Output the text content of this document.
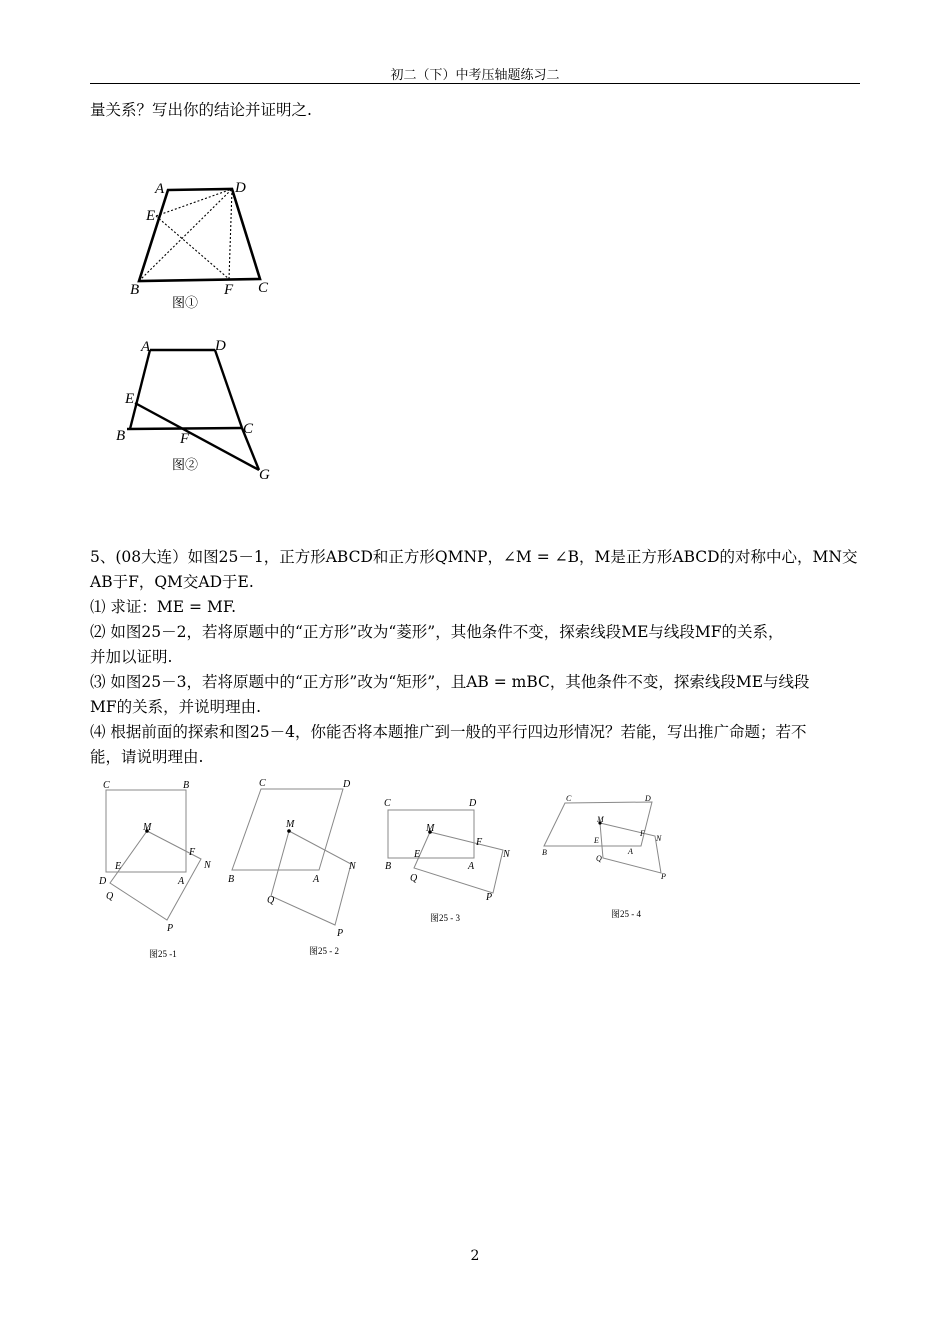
初二（下）中考压轴题练习二
量关系？写出你的结论并证明之.
A	D
E
B	F C
图①
A	D
E
B	F
C
G
图②
5、(08大连）如图25－1，正方形ABCD和正方形QMNP，∠M = ∠B，M是正方形ABCD的对称中心，MN交
AB于F，QM交AD于E.
⑴ 求证：ME = MF.
⑵ 如图25－2，若将原题中的“正方形”改为“菱形”，其他条件不变，探索线段ME与线段MF的关系，
并加以证明.
⑶ 如图25－3，若将原题中的“正方形”改为“矩形”，且AB = mBC，其他条件不变，探索线段ME与线段
MF的关系，并说明理由.
⑷ 根据前面的探索和图25－4，你能否将本题推广到一般的平行四边形情况？若能，写出推广命题；若不
能，请说明理由.
C	B
M
F
E	N
D	A
Q
P
图25 -1
C	D
M
N
B	A
Q
P
图25 - 2
C	D
M
F
E	N
B	A
Q
P
图25 - 3
C	D
M
F
N
B
E
A
Q
P
图25 - 4
2
